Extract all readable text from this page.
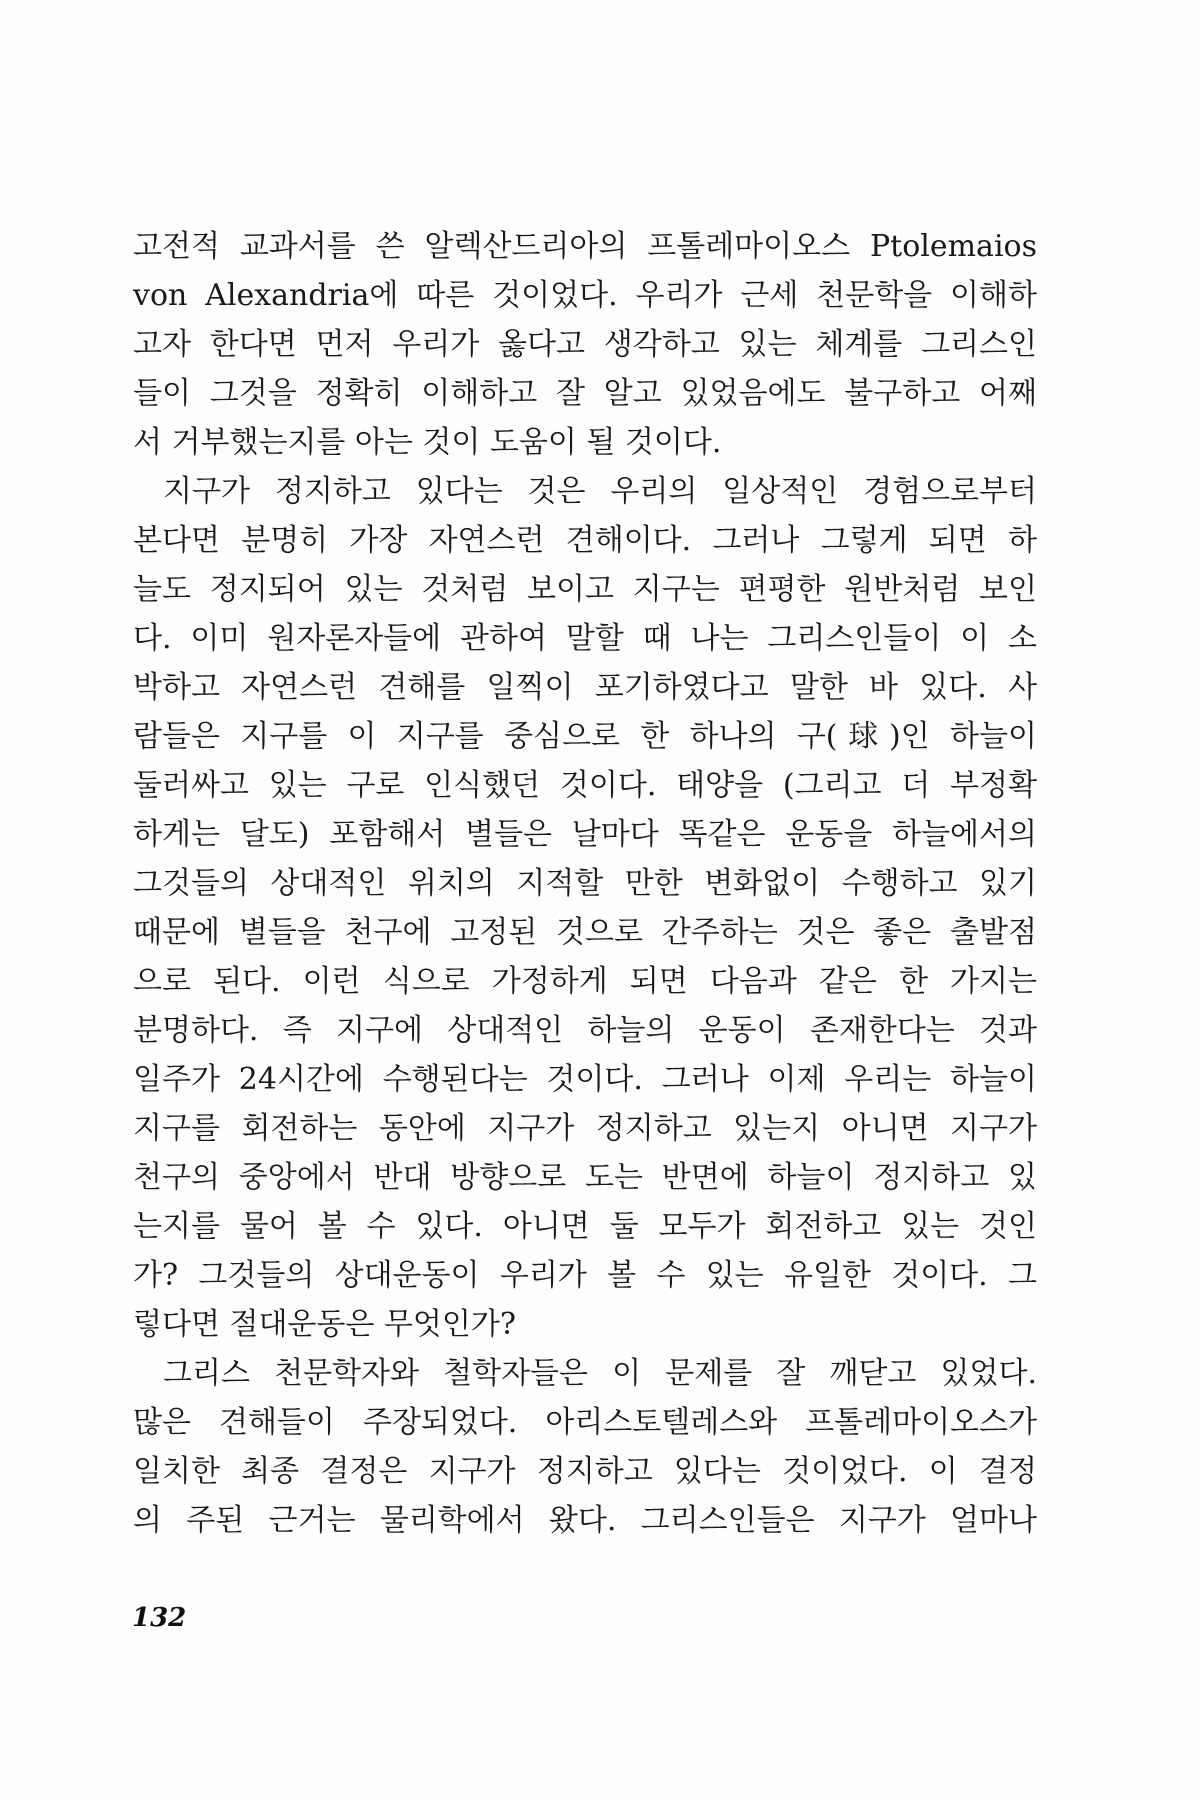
고전적 교과서를 쓴 알렉산드리아의 프톨레마이오스 Ptolemaios
von Alexandria에 따른 것이었다. 우리가 근세 천문학을 이해하
고자 한다면 먼저 우리가 옳다고 생각하고 있는 체계를 그리스인
들이 그것을 정확히 이해하고 잘 알고 있었음에도 불구하고 어째
서 거부했는지를 아는 것이 도움이 될 것이다.
지구가 정지하고 있다는 것은 우리의 일상적인 경험으로부터
본다면 분명히 가장 자연스런 견해이다. 그러나 그렇게 되면 하
늘도 정지되어 있는 것처럼 보이고 지구는 편평한 원반처럼 보인
다. 이미 원자론자들에 관하여 말할 때 나는 그리스인들이 이 소
박하고 자연스런 견해를 일찍이 포기하였다고 말한 바 있다. 사
람들은 지구를 이 지구를 중심으로 한 하나의 구(球)인 하늘이
둘러싸고 있는 구로 인식했던 것이다. 태양을 (그리고 더 부정확
하게는 달도) 포함해서 별들은 날마다 똑같은 운동을 하늘에서의
그것들의 상대적인 위치의 지적할 만한 변화없이 수행하고 있기
때문에 별들을 천구에 고정된 것으로 간주하는 것은 좋은 출발점
으로 된다. 이런 식으로 가정하게 되면 다음과 같은 한 가지는
분명하다. 즉 지구에 상대적인 하늘의 운동이 존재한다는 것과
일주가 24시간에 수행된다는 것이다. 그러나 이제 우리는 하늘이
지구를 회전하는 동안에 지구가 정지하고 있는지 아니면 지구가
천구의 중앙에서 반대 방향으로 도는 반면에 하늘이 정지하고 있
는지를 물어 볼 수 있다. 아니면 둘 모두가 회전하고 있는 것인
가? 그것들의 상대운동이 우리가 볼 수 있는 유일한 것이다. 그
렇다면 절대운동은 무엇인가?
그리스 천문학자와 철학자들은 이 문제를 잘 깨닫고 있었다.
많은 견해들이 주장되었다. 아리스토텔레스와 프톨레마이오스가
일치한 최종 결정은 지구가 정지하고 있다는 것이었다. 이 결정
의 주된 근거는 물리학에서 왔다. 그리스인들은 지구가 얼마나
132
